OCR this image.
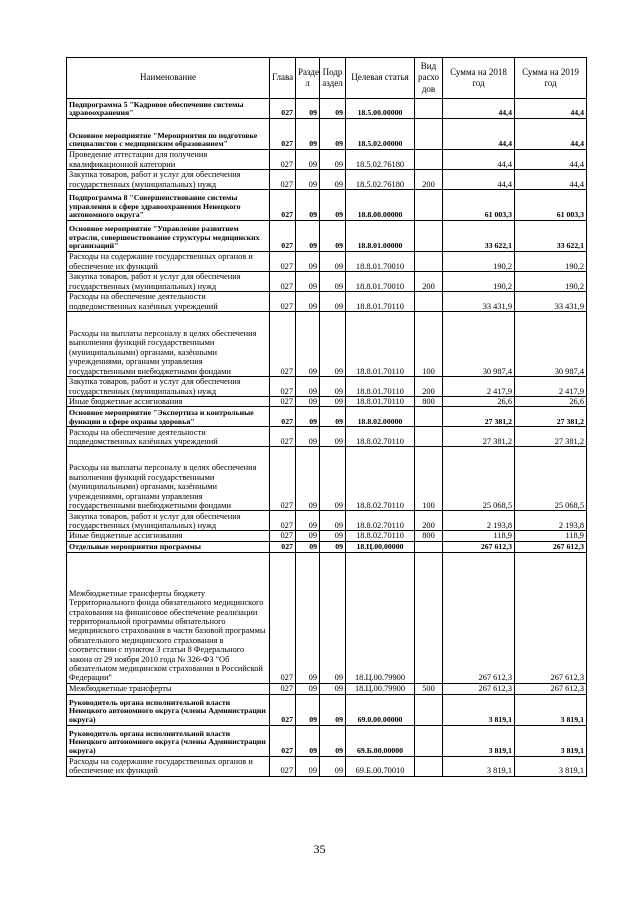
Наименование	Глава	Разде л	Подр аздел	Целевая статья	Вид расхо дов	Сумма на 2018 год	Сумма на 2019 год
Подпрограмма 5 "Кадровое обеспечение системы здравоохранения"	027	09	09	18.5.00.00000		44,4	44,4
Основное мероприятие "Мероприятия по подготовке специалистов с медицинским образованием"	027	09	09	18.5.02.00000		44,4	44,4
Проведение аттестации для получения квалификационной категории	027	09	09	18.5.02.76180		44,4	44,4
Закупка товаров, работ и услуг для обеспечения государственных (муниципальных) нужд	027	09	09	18.5.02.76180	200	44,4	44,4
Подпрограмма 8 "Совершенствование системы управления в сфере здравоохранения Ненецкого автономного округа"	027	09	09	18.8.00.00000		61 003,3	61 003,3
Основное мероприятие "Управление развитием отрасли, совершенствование структуры медицинских организаций"	027	09	09	18.8.01.00000		33 622,1	33 622,1
Расходы на содержание государственных органов и обеспечение их функций	027	09	09	18.8.01.70010		190,2	190,2
Закупка товаров, работ и услуг для обеспечения государственных (муниципальных) нужд	027	09	09	18.8.01.70010	200	190,2	190,2
Расходы на обеспечение деятельности подведомственных казённых учреждений	027	09	09	18.8.01.70110		33 431,9	33 431,9
Расходы на выплаты персоналу в целях обеспечения выполнения функций государственными (муниципальными) органами, казёнными учреждениями, органами управления государственными внебюджетными фондами	027	09	09	18.8.01.70110	100	30 987,4	30 987,4
Закупка товаров, работ и услуг для обеспечения государственных (муниципальных) нужд	027	09	09	18.8.01.70110	200	2 417,9	2 417,9
Иные бюджетные ассигнования	027	09	09	18.8.01.70110	800	26,6	26,6
Основное мероприятие "Экспертиза и контрольные функции в сфере охраны здоровья"	027	09	09	18.8.02.00000		27 381,2	27 381,2
Расходы на обеспечение деятельности подведомственных казённых учреждений	027	09	09	18.8.02.70110		27 381,2	27 381,2
Расходы на выплаты персоналу в целях обеспечения выполнения функций государственными (муниципальными) органами, казёнными учреждениями, органами управления государственными внебюджетными фондами	027	09	09	18.8.02.70110	100	25 068,5	25 068,5
Закупка товаров, работ и услуг для обеспечения государственных (муниципальных) нужд	027	09	09	18.8.02.70110	200	2 193,8	2 193,8
Иные бюджетные ассигнования	027	09	09	18.8.02.70110	800	118,9	118,9
Отдельные мероприятия программы	027	09	09	18.Ц.00.00000		267 612,3	267 612,3
Межбюджетные трансферты бюджету Территориального фонда обязательного медицинского страхования на финансовое обеспечение реализации территориальной программы обязательного медицинского страхования в части базовой программы обязательного медицинского страхования в соответствии с пунктом 3 статьи 8 Федерального закона от 29 ноября 2010 года № 326-ФЗ "Об обязательном медицинском страховании в Российской Федерации"	027	09	09	18.Ц.00.79900		267 612,3	267 612,3
Межбюджетные трансферты	027	09	09	18.Ц.00.79900	500	267 612,3	267 612,3
Руководитель органа исполнительной власти Ненецкого автономного округа (члены Администрации округа)	027	09	09	69.0.00.00000		3 819,1	3 819,1
Руководитель органа исполнительной власти Ненецкого автономного округа (члены Администрации округа)	027	09	09	69.Б.00.00000		3 819,1	3 819,1
Расходы на содержание государственных органов и обеспечение их функций	027	09	09	69.Б.00.70010		3 819,1	3 819,1
35
